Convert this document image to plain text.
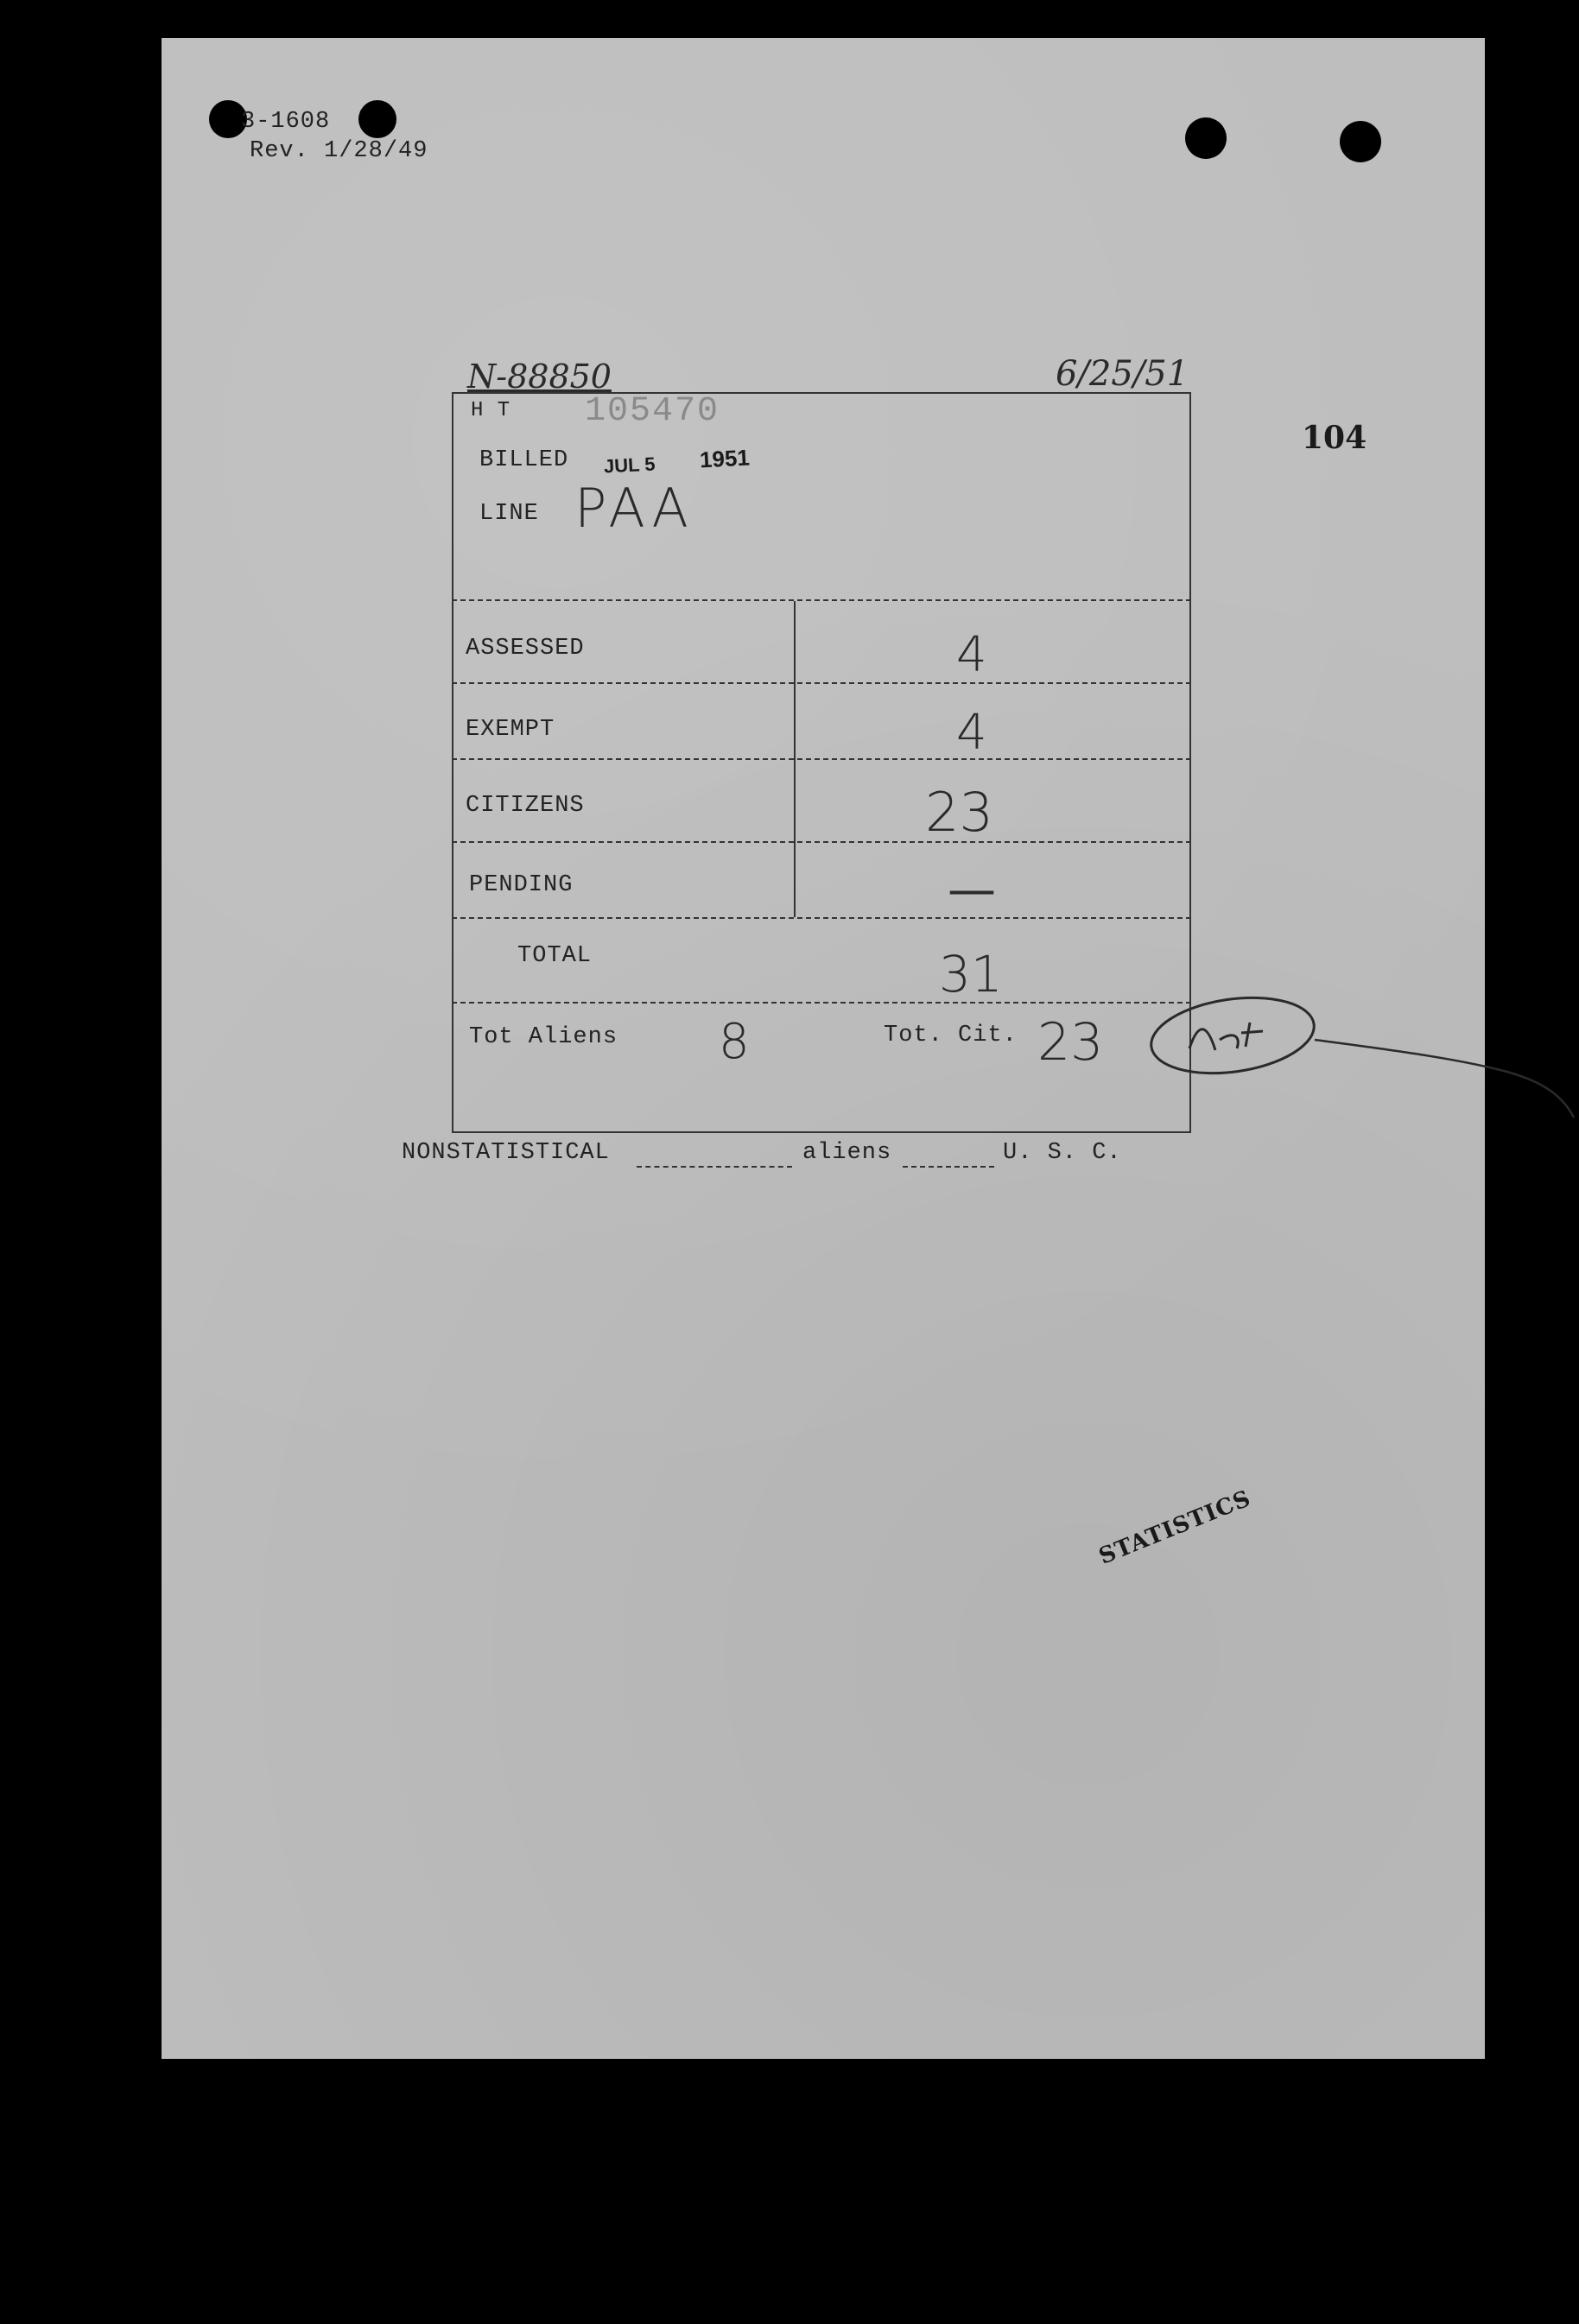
3-1608
Rev. 1/28/49
104
N-88850	6/25/51
H T 105470
BILLED JUL 5 1951
LINE PAA
ASSESSED	4
EXEMPT	4
CITIZENS	23
PENDING	—
TOTAL	31
Tot Aliens 8	Tot. Cit. 23
NONSTATISTICAL	aliens	U. S. C.
STATISTICS
